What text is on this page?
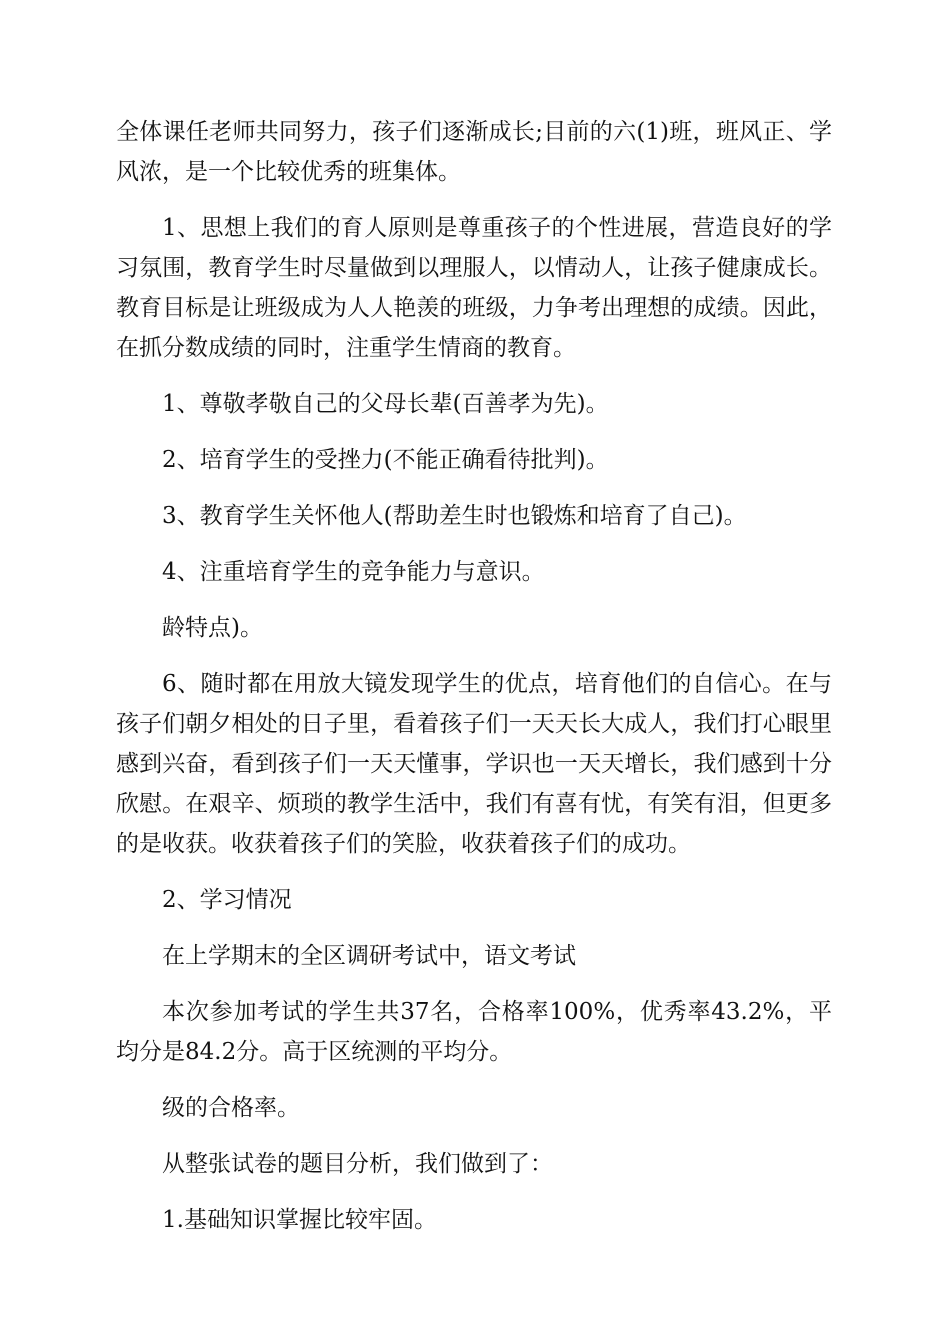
全体课任老师共同努力，孩子们逐渐成长;目前的六(1)班，班风正、学风浓，是一个比较优秀的班集体。

1、思想上我们的育人原则是尊重孩子的个性进展，营造良好的学习氛围，教育学生时尽量做到以理服人，以情动人，让孩子健康成长。教育目标是让班级成为人人艳羡的班级，力争考出理想的成绩。因此，在抓分数成绩的同时，注重学生情商的教育。

1、尊敬孝敬自己的父母长辈(百善孝为先)。

2、培育学生的受挫力(不能正确看待批判)。

3、教育学生关怀他人(帮助差生时也锻炼和培育了自己)。

4、注重培育学生的竞争能力与意识。

龄特点)。

6、随时都在用放大镜发现学生的优点，培育他们的自信心。在与孩子们朝夕相处的日子里，看着孩子们一天天长大成人，我们打心眼里感到兴奋，看到孩子们一天天懂事，学识也一天天增长，我们感到十分欣慰。在艰辛、烦琐的教学生活中，我们有喜有忧，有笑有泪，但更多的是收获。收获着孩子们的笑脸，收获着孩子们的成功。

2、学习情况

在上学期末的全区调研考试中，语文考试

本次参加考试的学生共37名，合格率100%，优秀率43.2%，平均分是84.2分。高于区统测的平均分。

级的合格率。

从整张试卷的题目分析，我们做到了：

1.基础知识掌握比较牢固。
